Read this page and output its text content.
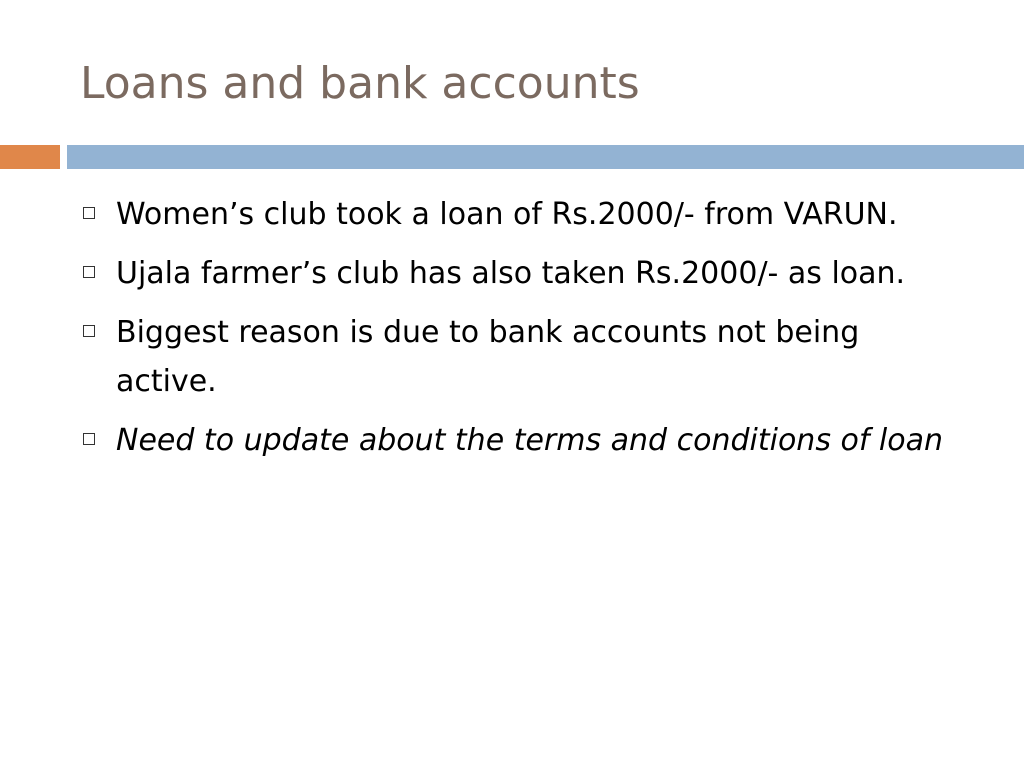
Loans and bank accounts
Women’s club took a loan of Rs.2000/- from VARUN.
Ujala farmer’s club has also taken Rs.2000/- as loan.
Biggest reason is due to bank accounts not being active.
Need to update about the terms and conditions of loan
